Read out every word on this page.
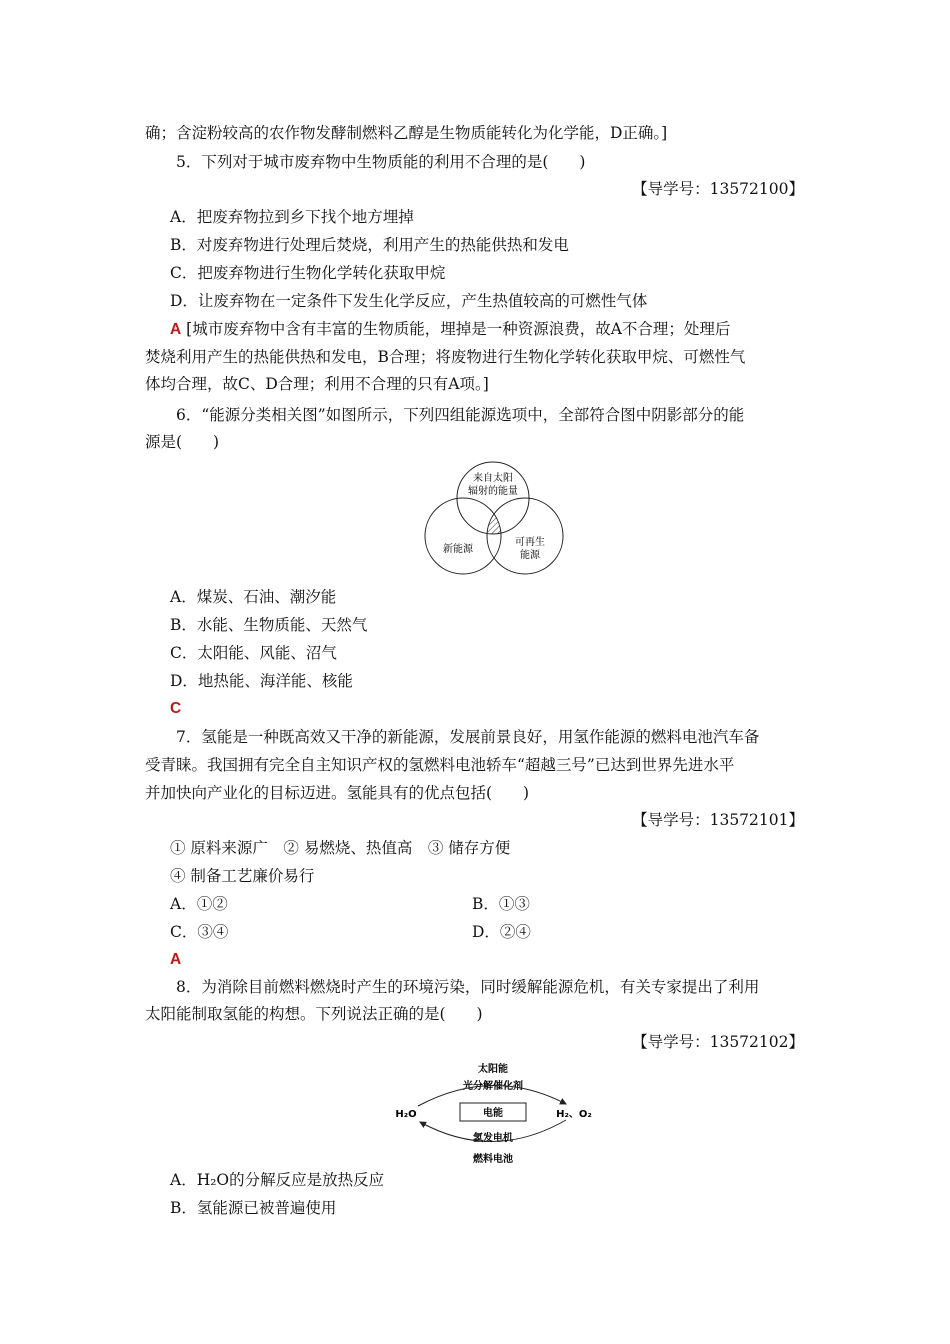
确；含淀粉较高的农作物发酵制燃料乙醇是生物质能转化为化学能，D正确。]
5．下列对于城市废弃物中生物质能的利用不合理的是(　　)
【导学号：13572100】
A．把废弃物拉到乡下找个地方埋掉
B．对废弃物进行处理后焚烧，利用产生的热能供热和发电
C．把废弃物进行生物化学转化获取甲烷
D．让废弃物在一定条件下发生化学反应，产生热值较高的可燃性气体
A [城市废弃物中含有丰富的生物质能，埋掉是一种资源浪费，故A不合理；处理后
焚烧利用产生的热能供热和发电，B合理；将废物进行生物化学转化获取甲烷、可燃性气
体均合理，故C、D合理；利用不合理的只有A项。]
6．“能源分类相关图”如图所示，下列四组能源选项中，全部符合图中阴影部分的能
源是(　　)
来自太阳
辐射的能量
新能源
可再生
能源
A．煤炭、石油、潮汐能
B．水能、生物质能、天然气
C．太阳能、风能、沼气
D．地热能、海洋能、核能
C
7．氢能是一种既高效又干净的新能源，发展前景良好，用氢作能源的燃料电池汽车备
受青睐。我国拥有完全自主知识产权的氢燃料电池轿车“超越三号”已达到世界先进水平
并加快向产业化的目标迈进。氢能具有的优点包括(　　)
【导学号：13572101】
① 原料来源广　② 易燃烧、热值高　③ 储存方便
④ 制备工艺廉价易行
A．①②	B．①③
C．③④	D．②④
A
8．为消除目前燃料燃烧时产生的环境污染，同时缓解能源危机，有关专家提出了利用
太阳能制取氢能的构想。下列说法正确的是(　　)
【导学号：13572102】
太阳能
光分解催化剂
H₂O	H₂、O₂
电能
氢发电机
燃料电池
A．H₂O的分解反应是放热反应
B．氢能源已被普遍使用
